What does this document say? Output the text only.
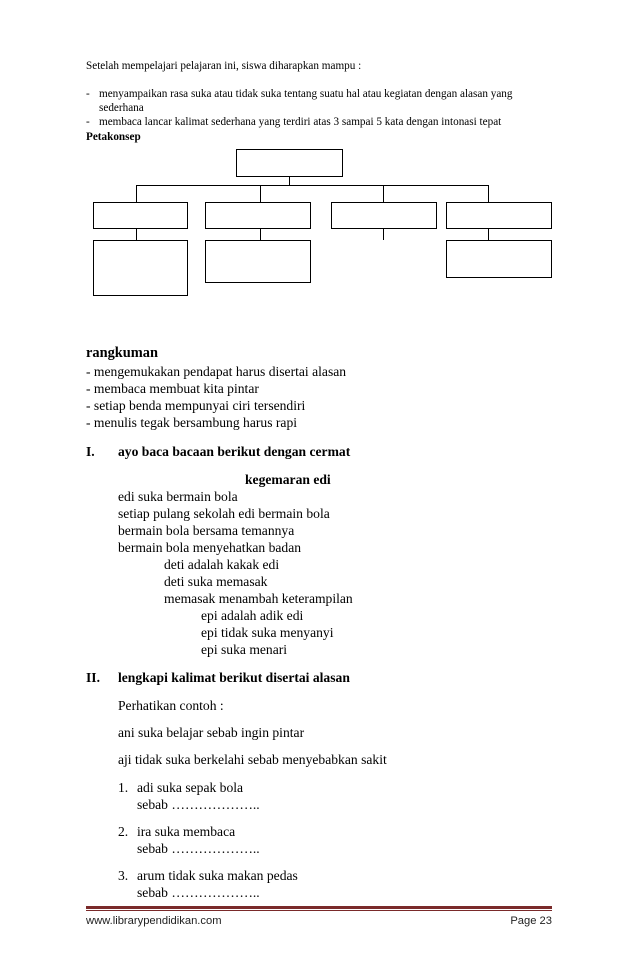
Setelah mempelajari pelajaran ini, siswa diharapkan mampu :
- menyampaikan rasa suka atau tidak suka tentang suatu hal atau kegiatan dengan alasan yang
sederhana
- membaca lancar kalimat sederhana yang terdiri atas 3 sampai 5 kata dengan intonasi tepat
Petakonsep
rangkuman
- mengemukakan pendapat harus disertai alasan
- membaca membuat kita pintar
- setiap benda mempunyai ciri tersendiri
- menulis tegak bersambung harus rapi
I. ayo baca bacaan berikut dengan cermat
kegemaran edi
edi suka bermain bola
setiap pulang sekolah edi bermain bola
bermain bola bersama temannya
bermain bola menyehatkan badan
deti adalah kakak edi
deti suka memasak
memasak menambah keterampilan
epi adalah adik edi
epi tidak suka menyanyi
epi suka menari
II. lengkapi kalimat berikut disertai alasan
Perhatikan contoh :
ani suka belajar sebab ingin pintar
aji tidak suka berkelahi sebab menyebabkan sakit
1. adi suka sepak bola
sebab ………………..
2. ira suka membaca
sebab ………………..
3. arum tidak suka makan pedas
sebab ………………..
www.librarypendidikan.com	Page 23
